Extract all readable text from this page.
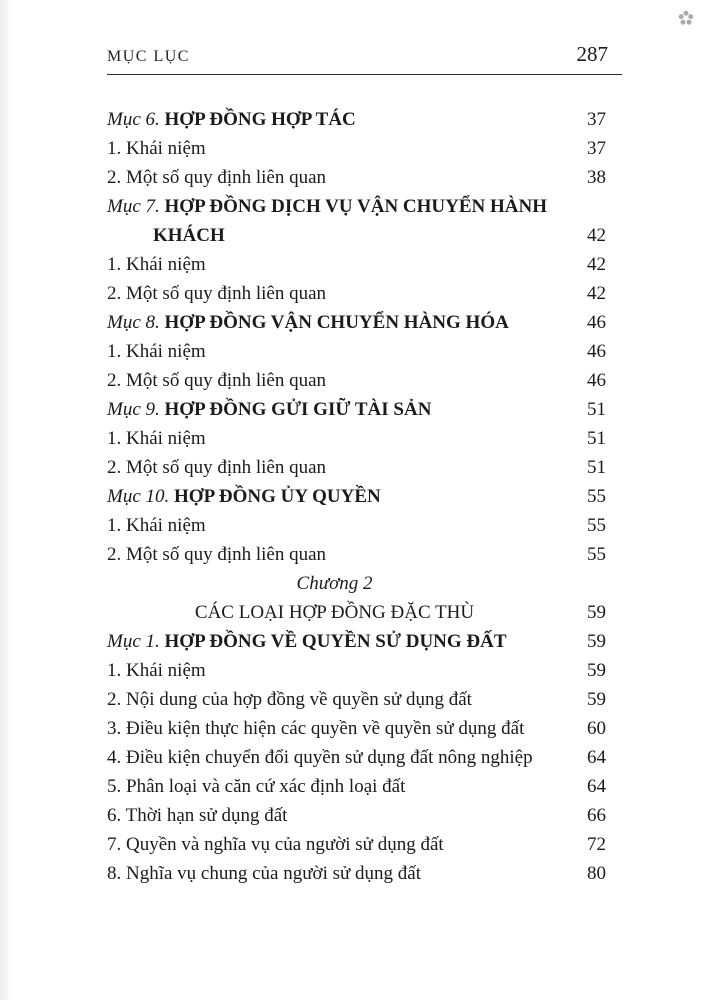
MỤC LỤC	287
Mục 6. HỢP ĐỒNG HỢP TÁC	37
1. Khái niệm	37
2. Một số quy định liên quan	38
Mục 7. HỢP ĐỒNG DỊCH VỤ VẬN CHUYỂN HÀNH KHÁCH	42
1. Khái niệm	42
2. Một số quy định liên quan	42
Mục 8. HỢP ĐỒNG VẬN CHUYỂN HÀNG HÓA	46
1. Khái niệm	46
2. Một số quy định liên quan	46
Mục 9. HỢP ĐỒNG GỬI GIỮ TÀI SẢN	51
1. Khái niệm	51
2. Một số quy định liên quan	51
Mục 10. HỢP ĐỒNG ỦY QUYỀN	55
1. Khái niệm	55
2. Một số quy định liên quan	55
Chương 2
CÁC LOẠI HỢP ĐỒNG ĐẶC THÙ	59
Mục 1. HỢP ĐỒNG VỀ QUYỀN SỬ DỤNG ĐẤT	59
1. Khái niệm	59
2. Nội dung của hợp đồng về quyền sử dụng đất	59
3. Điều kiện thực hiện các quyền về quyền sử dụng đất	60
4. Điều kiện chuyển đổi quyền sử dụng đất nông nghiệp	64
5. Phân loại và căn cứ xác định loại đất	64
6. Thời hạn sử dụng đất	66
7. Quyền và nghĩa vụ của người sử dụng đất	72
8. Nghĩa vụ chung của người sử dụng đất	80
